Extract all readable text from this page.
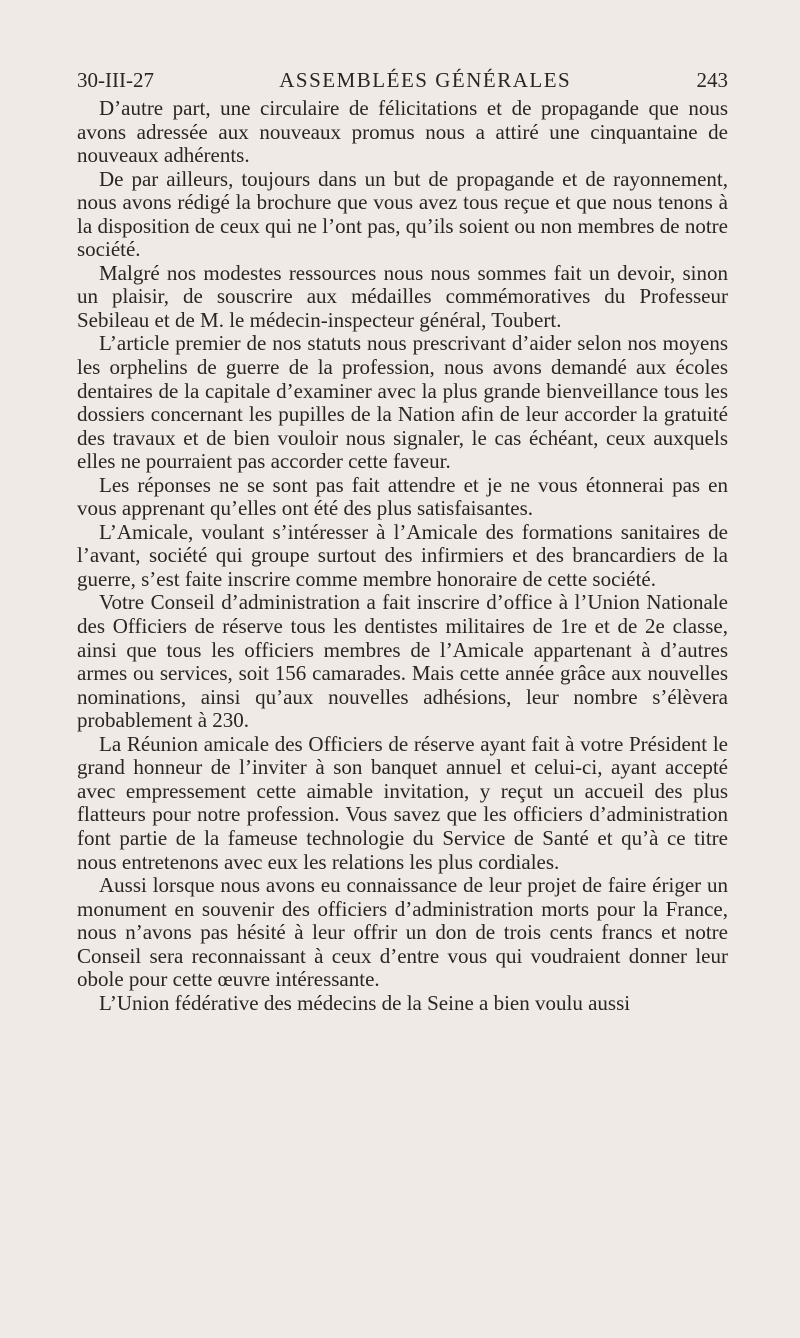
30-III-27	ASSEMBLÉES GÉNÉRALES	243

D’autre part, une circulaire de félicitations et de propagande que nous avons adressée aux nouveaux promus nous a attiré une cinquantaine de nouveaux adhérents.

De par ailleurs, toujours dans un but de propagande et de rayonnement, nous avons rédigé la brochure que vous avez tous reçue et que nous tenons à la disposition de ceux qui ne l’ont pas, qu’ils soient ou non membres de notre société.

Malgré nos modestes ressources nous nous sommes fait un devoir, sinon un plaisir, de souscrire aux médailles commémoratives du Professeur Sebileau et de M. le médecin-inspecteur général, Toubert.

L’article premier de nos statuts nous prescrivant d’aider selon nos moyens les orphelins de guerre de la profession, nous avons demandé aux écoles dentaires de la capitale d’examiner avec la plus grande bienveillance tous les dossiers concernant les pupilles de la Nation afin de leur accorder la gratuité des travaux et de bien vouloir nous signaler, le cas échéant, ceux auxquels elles ne pourraient pas accorder cette faveur.

Les réponses ne se sont pas fait attendre et je ne vous étonnerai pas en vous apprenant qu’elles ont été des plus satisfaisantes.

L’Amicale, voulant s’intéresser à l’Amicale des formations sanitaires de l’avant, société qui groupe surtout des infirmiers et des brancardiers de la guerre, s’est faite inscrire comme membre honoraire de cette société.

Votre Conseil d’administration a fait inscrire d’office à l’Union Nationale des Officiers de réserve tous les dentistes militaires de 1re et de 2e classe, ainsi que tous les officiers membres de l’Amicale appartenant à d’autres armes ou services, soit 156 camarades. Mais cette année grâce aux nouvelles nominations, ainsi qu’aux nouvelles adhésions, leur nombre s’élèvera probablement à 230.

La Réunion amicale des Officiers de réserve ayant fait à votre Président le grand honneur de l’inviter à son banquet annuel et celui-ci, ayant accepté avec empressement cette aimable invitation, y reçut un accueil des plus flatteurs pour notre profession. Vous savez que les officiers d’administration font partie de la fameuse technologie du Service de Santé et qu’à ce titre nous entretenons avec eux les relations les plus cordiales.

Aussi lorsque nous avons eu connaissance de leur projet de faire ériger un monument en souvenir des officiers d’administration morts pour la France, nous n’avons pas hésité à leur offrir un don de trois cents francs et notre Conseil sera reconnaissant à ceux d’entre vous qui voudraient donner leur obole pour cette œuvre intéressante.

L’Union fédérative des médecins de la Seine a bien voulu aussi
